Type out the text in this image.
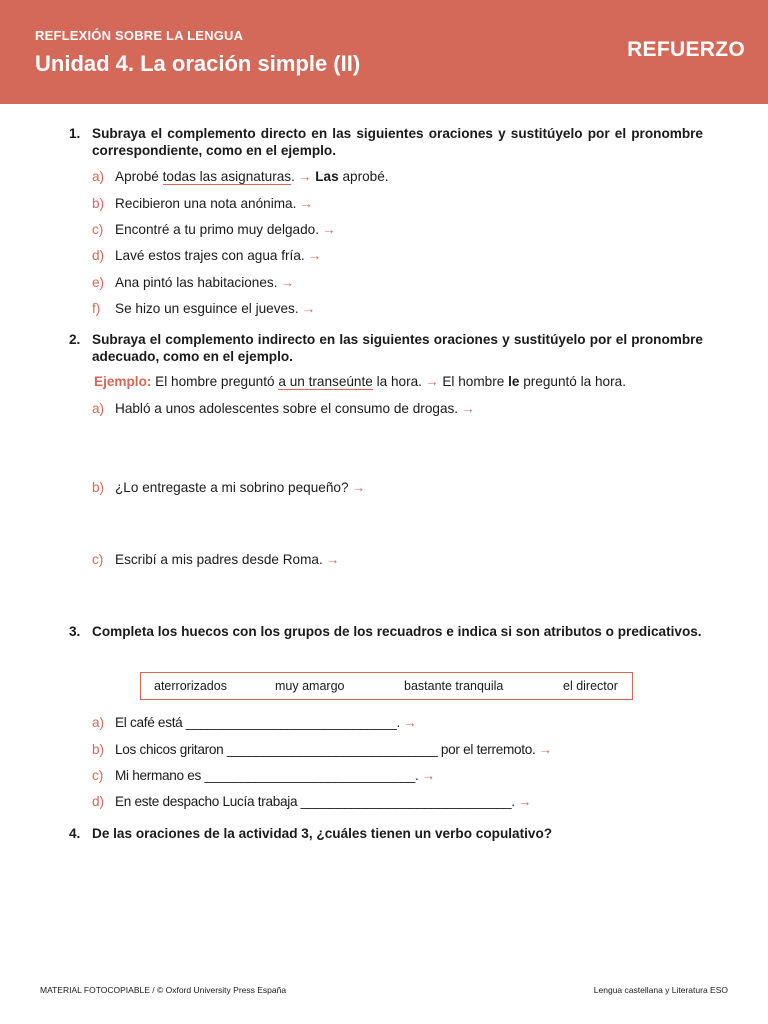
REFLEXIÓN SOBRE LA LENGUA
Unidad 4. La oración simple (II)
REFUERZO
1. Subraya el complemento directo en las siguientes oraciones y sustitúyelo por el pronombre correspondiente, como en el ejemplo.
a) Aprobé todas las asignaturas. → Las aprobé.
b) Recibieron una nota anónima. →
c) Encontré a tu primo muy delgado. →
d) Lavé estos trajes con agua fría. →
e) Ana pintó las habitaciones. →
f) Se hizo un esguince el jueves. →
2. Subraya el complemento indirecto en las siguientes oraciones y sustitúyelo por el pronombre adecuado, como en el ejemplo.
Ejemplo: El hombre preguntó a un transeúnte la hora. → El hombre le preguntó la hora.
a) Habló a unos adolescentes sobre el consumo de drogas. →
b) ¿Lo entregaste a mi sobrino pequeño? →
c) Escribí a mis padres desde Roma. →
3. Completa los huecos con los grupos de los recuadros e indica si son atributos o predicativos.
aterrorizados	muy amargo	bastante tranquila	el director
a) El café está _____________________________. →
b) Los chicos gritaron _____________________________ por el terremoto. →
c) Mi hermano es _____________________________. →
d) En este despacho Lucía trabaja _____________________________. →
4. De las oraciones de la actividad 3, ¿cuáles tienen un verbo copulativo?
MATERIAL FOTOCOPIABLE / © Oxford University Press España	Lengua castellana y Literatura ESO
